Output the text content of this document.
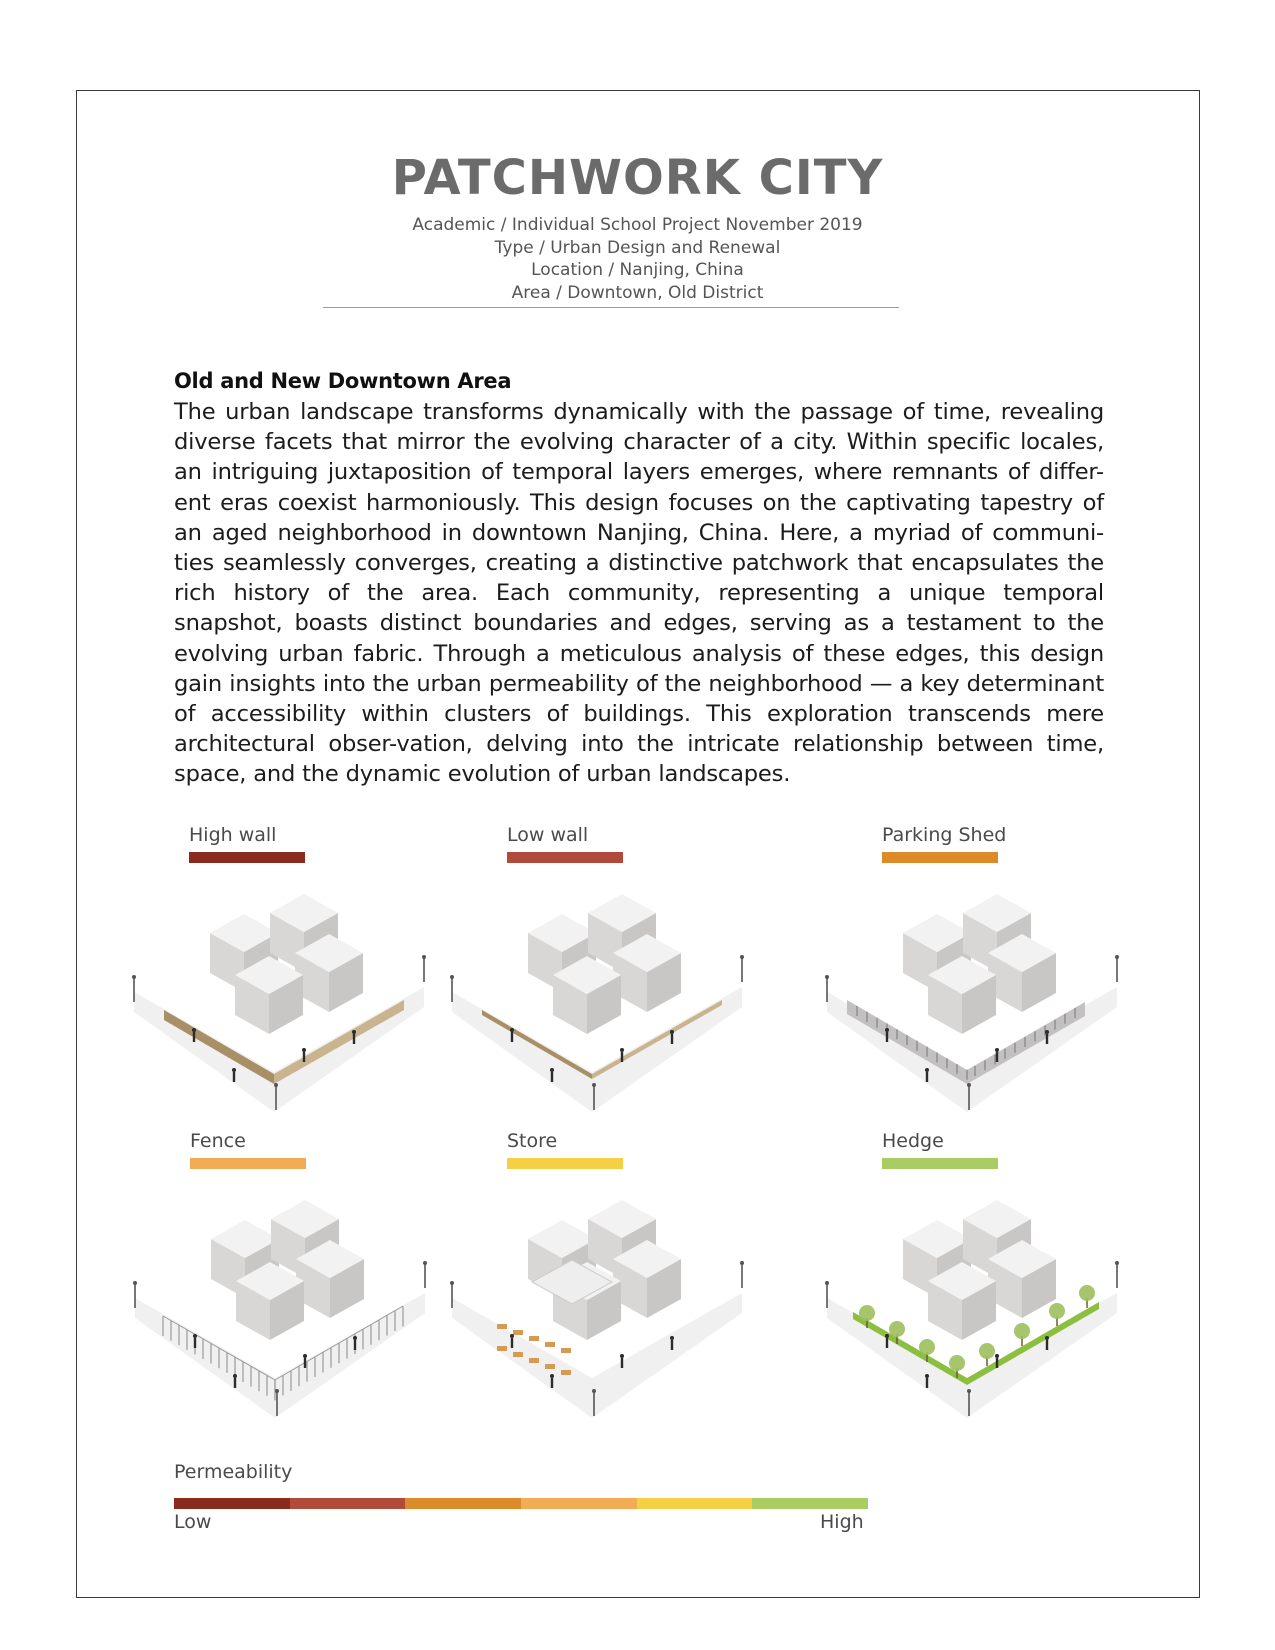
PATCHWORK CITY
Academic / Individual School Project November 2019
Type / Urban Design and Renewal
Location / Nanjing, China
Area / Downtown, Old District
Old and New Downtown Area

The urban landscape transforms dynamically with the passage of time, revealing diverse facets that mirror the evolving character of a city. Within specific locales, an intriguing juxtaposition of temporal layers emerges, where remnants of differ-ent eras coexist harmoniously. This design focuses on the captivating tapestry of an aged neighborhood in downtown Nanjing, China. Here, a myriad of communi-ties seamlessly converges, creating a distinctive patchwork that encapsulates the rich history of the area. Each community, representing a unique temporal snapshot, boasts distinct boundaries and edges, serving as a testament to the evolving urban fabric. Through a meticulous analysis of these edges, this design gain insights into the urban permeability of the neighborhood — a key determinant of accessibility within clusters of buildings. This exploration transcends mere architectural obser-vation, delving into the intricate relationship between time, space, and the dynamic evolution of urban landscapes.

High wall	Low wall	Parking Shed
Fence	Store	Hedge
Permeability
Low	High
